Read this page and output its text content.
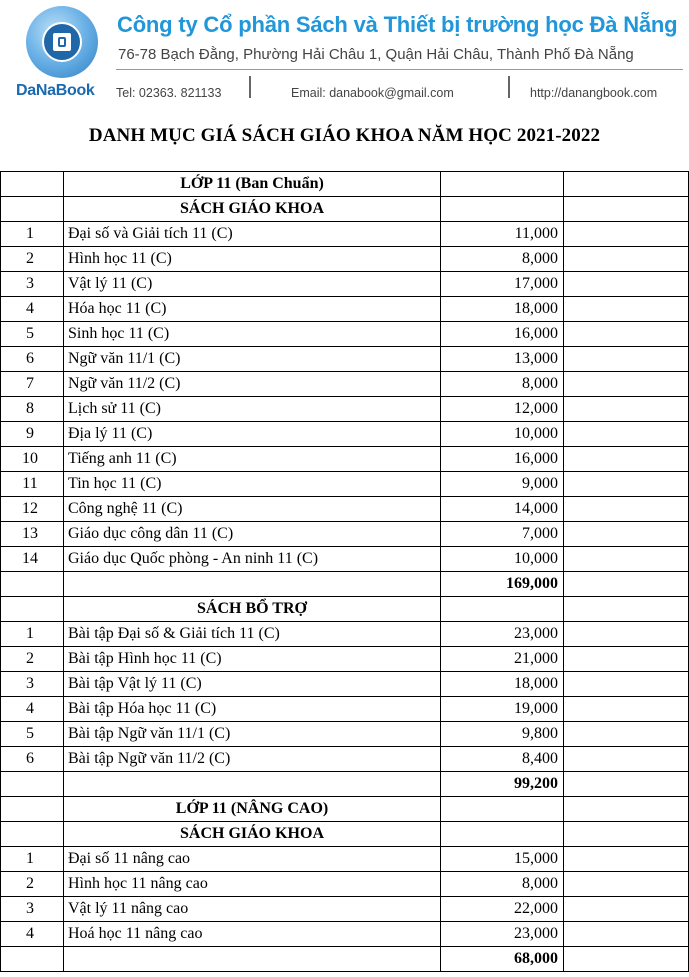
DaNaBook
Công ty Cổ phần Sách và Thiết bị trường học Đà Nẵng
76-78 Bạch Đằng, Phường Hải Châu 1, Quận Hải Châu, Thành Phố Đà Nẵng
Tel: 02363. 821133	Email: danabook@gmail.com	http://danangbook.com
DANH MỤC GIÁ SÁCH GIÁO KHOA NĂM HỌC 2021-2022
	LỚP 11 (Ban Chuẩn)		
	SÁCH GIÁO KHOA		
1	Đại số và Giải tích 11 (C)	11,000	
2	Hình học 11 (C)	8,000	
3	Vật lý 11 (C)	17,000	
4	Hóa học 11 (C)	18,000	
5	Sinh học 11 (C)	16,000	
6	Ngữ văn 11/1 (C)	13,000	
7	Ngữ văn 11/2 (C)	8,000	
8	Lịch sử 11 (C)	12,000	
9	Địa lý 11 (C)	10,000	
10	Tiếng anh 11 (C)	16,000	
11	Tin học 11 (C)	9,000	
12	Công nghệ 11 (C)	14,000	
13	Giáo dục công dân 11 (C)	7,000	
14	Giáo dục Quốc phòng - An ninh 11 (C)	10,000	
		169,000	
	SÁCH BỔ TRỢ		
1	Bài tập Đại số & Giải tích 11 (C)	23,000	
2	Bài tập Hình học 11 (C)	21,000	
3	Bài tập Vật lý 11 (C)	18,000	
4	Bài tập Hóa học 11 (C)	19,000	
5	Bài tập Ngữ văn 11/1 (C)	9,800	
6	Bài tập Ngữ văn 11/2 (C)	8,400	
		99,200	
	LỚP 11 (NÂNG CAO)		
	SÁCH GIÁO KHOA		
1	Đại số 11 nâng cao	15,000	
2	Hình học 11 nâng cao	8,000	
3	Vật lý 11 nâng cao	22,000	
4	Hoá học 11 nâng cao	23,000	
		68,000	
